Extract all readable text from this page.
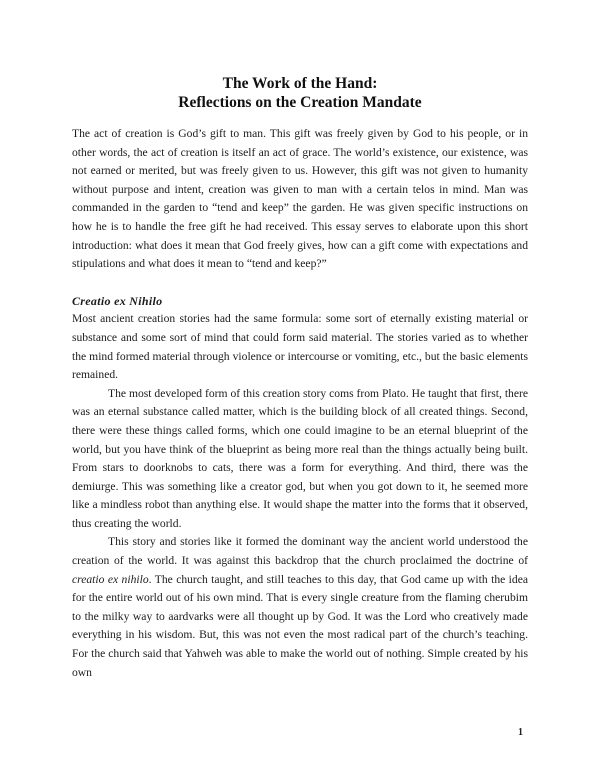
The Work of the Hand:
Reflections on the Creation Mandate

The act of creation is God’s gift to man. This gift was freely given by God to his people, or in other words, the act of creation is itself an act of grace. The world’s existence, our existence, was not earned or merited, but was freely given to us. However, this gift was not given to humanity without purpose and intent, creation was given to man with a certain telos in mind. Man was commanded in the garden to “tend and keep” the garden. He was given specific instructions on how he is to handle the free gift he had received. This essay serves to elaborate upon this short introduction: what does it mean that God freely gives, how can a gift come with expectations and stipulations and what does it mean to “tend and keep?”

Creatio ex Nihilo

Most ancient creation stories had the same formula: some sort of eternally existing material or substance and some sort of mind that could form said material. The stories varied as to whether the mind formed material through violence or intercourse or vomiting, etc., but the basic elements remained.

The most developed form of this creation story coms from Plato. He taught that first, there was an eternal substance called matter, which is the building block of all created things. Second, there were these things called forms, which one could imagine to be an eternal blueprint of the world, but you have think of the blueprint as being more real than the things actually being built. From stars to doorknobs to cats, there was a form for everything. And third, there was the demiurge. This was something like a creator god, but when you got down to it, he seemed more like a mindless robot than anything else. It would shape the matter into the forms that it observed, thus creating the world.

This story and stories like it formed the dominant way the ancient world understood the creation of the world. It was against this backdrop that the church proclaimed the doctrine of creatio ex nihilo. The church taught, and still teaches to this day, that God came up with the idea for the entire world out of his own mind. That is every single creature from the flaming cherubim to the milky way to aardvarks were all thought up by God. It was the Lord who creatively made everything in his wisdom. But, this was not even the most radical part of the church’s teaching. For the church said that Yahweh was able to make the world out of nothing. Simple created by his own

1
